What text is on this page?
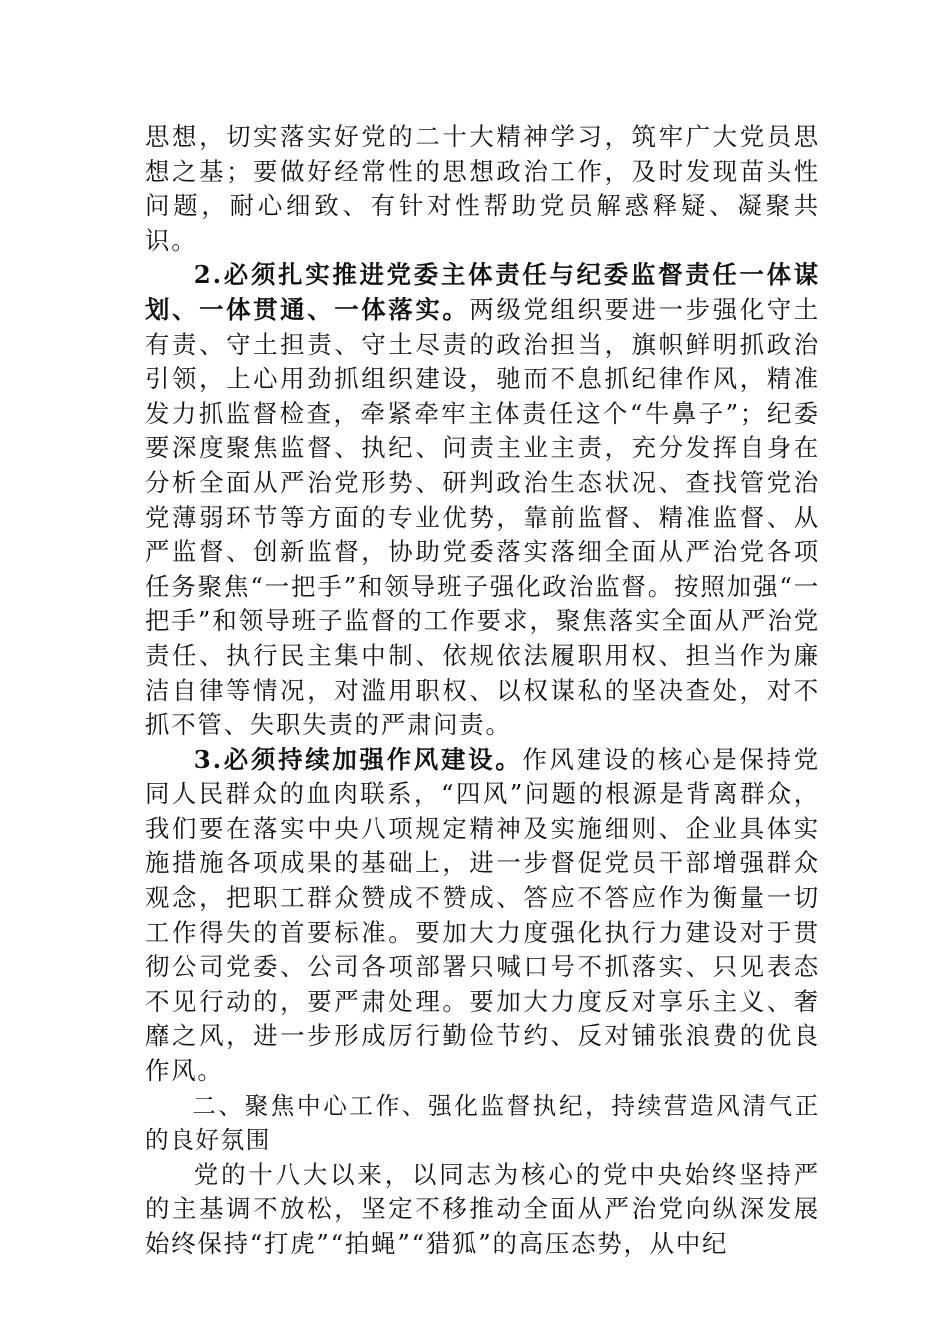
思想，切实落实好党的二十大精神学习，筑牢广大党员思想之基；要做好经常性的思想政治工作，及时发现苗头性问题，耐心细致、有针对性帮助党员解惑释疑、凝聚共识。

2.必须扎实推进党委主体责任与纪委监督责任一体谋划、一体贯通、一体落实。两级党组织要进一步强化守土有责、守土担责、守土尽责的政治担当，旗帜鲜明抓政治引领，上心用劲抓组织建设，驰而不息抓纪律作风，精准发力抓监督检查，牵紧牵牢主体责任这个“牛鼻子”；纪委要深度聚焦监督、执纪、问责主业主责，充分发挥自身在分析全面从严治党形势、研判政治生态状况、查找管党治党薄弱环节等方面的专业优势，靠前监督、精准监督、从严监督、创新监督，协助党委落实落细全面从严治党各项任务聚焦“一把手”和领导班子强化政治监督。按照加强“一把手”和领导班子监督的工作要求，聚焦落实全面从严治党责任、执行民主集中制、依规依法履职用权、担当作为廉洁自律等情况，对滥用职权、以权谋私的坚决查处，对不抓不管、失职失责的严肃问责。

3.必须持续加强作风建设。作风建设的核心是保持党同人民群众的血肉联系，“四风”问题的根源是背离群众，我们要在落实中央八项规定精神及实施细则、企业具体实施措施各项成果的基础上，进一步督促党员干部增强群众观念，把职工群众赞成不赞成、答应不答应作为衡量一切工作得失的首要标准。要加大力度强化执行力建设对于贯彻公司党委、公司各项部署只喊口号不抓落实、只见表态不见行动的，要严肃处理。要加大力度反对享乐主义、奢靡之风，进一步形成厉行勤俭节约、反对铺张浪费的优良作风。

二、聚焦中心工作、强化监督执纪，持续营造风清气正的良好氛围

党的十八大以来，以同志为核心的党中央始终坚持严的主基调不放松，坚定不移推动全面从严治党向纵深发展始终保持“打虎”“拍蝇”“猎狐”的高压态势，从中纪
